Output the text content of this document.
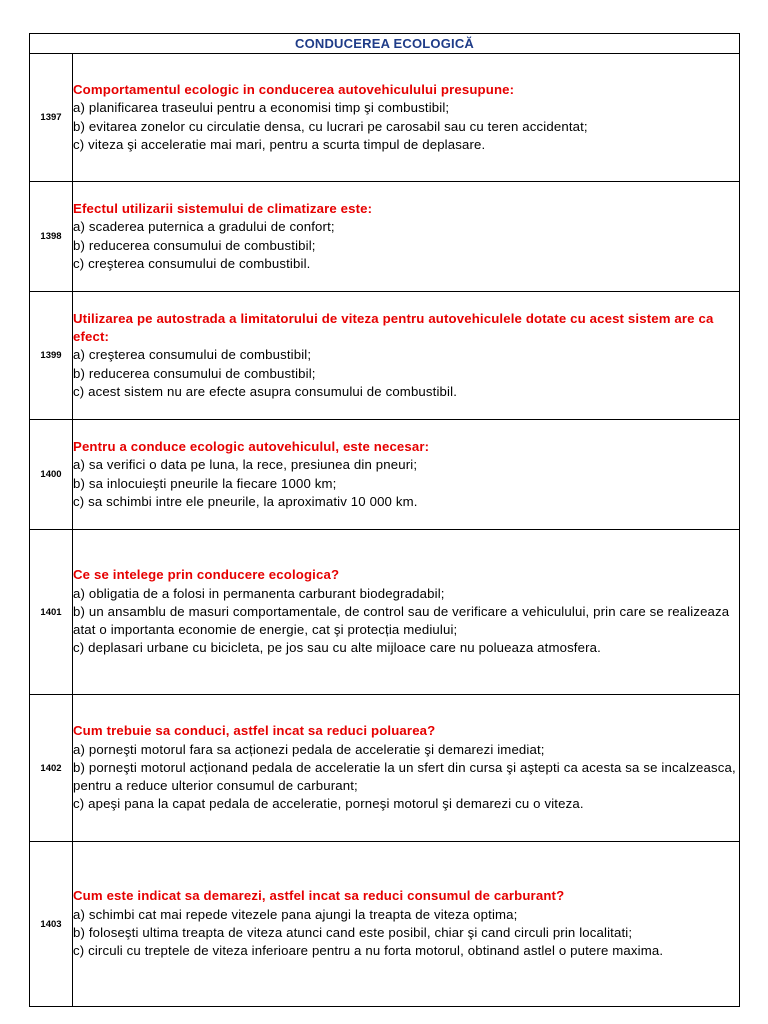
CONDUCEREA ECOLOGICĂ	
1397	Comportamentul ecologic in conducerea autovehiculului presupune:
a) planificarea traseului pentru a economisi timp şi combustibil;
b) evitarea zonelor cu circulatie densa, cu lucrari pe carosabil sau cu teren accidentat;
c) viteza şi acceleratie mai mari, pentru a scurta timpul de deplasare.

1398	Efectul utilizarii sistemului de climatizare este:
a) scaderea puternica a gradului de confort;
b) reducerea consumului de combustibil;
c) creşterea consumului de combustibil.

1399	Utilizarea pe autostrada a limitatorului de viteza pentru autovehiculele dotate cu acest sistem are ca efect:
a) creşterea consumului de combustibil;
b) reducerea consumului de combustibil;
c) acest sistem nu are efecte asupra consumului de combustibil.

1400	Pentru a conduce ecologic autovehiculul, este necesar:
a) sa verifici o data pe luna, la rece, presiunea din pneuri;
b) sa inlocuieşti pneurile la fiecare 1000 km;
c) sa schimbi intre ele pneurile, la aproximativ 10 000 km.

1401	Ce se intelege prin conducere ecologica?
a) obligatia de a folosi in permanenta carburant biodegradabil;
b) un ansamblu de masuri comportamentale, de control sau de verificare a vehiculului, prin care se realizeaza atat o importanta economie de energie, cat şi protecția mediului;
c) deplasari urbane cu bicicleta, pe jos sau cu alte mijloace care nu polueaza atmosfera.

1402	Cum trebuie sa conduci, astfel incat sa reduci poluarea?
a) porneşti motorul fara sa acționezi pedala de acceleratie şi demarezi imediat;
b) porneşti motorul acționand pedala de acceleratie la un sfert din cursa şi aştepti ca acesta sa se incalzeasca, pentru a reduce ulterior consumul de carburant;
c) apeşi pana la capat pedala de acceleratie, porneşi motorul şi demarezi cu o viteza.

1403	Cum este indicat sa demarezi, astfel incat sa reduci consumul de carburant?
a) schimbi cat mai repede vitezele pana ajungi la treapta de viteza optima;
b) foloseşti ultima treapta de viteza atunci cand este posibil, chiar şi cand circuli prin localitati;
c) circuli cu treptele de viteza inferioare pentru a nu forta motorul, obtinand astlel o putere maxima.
